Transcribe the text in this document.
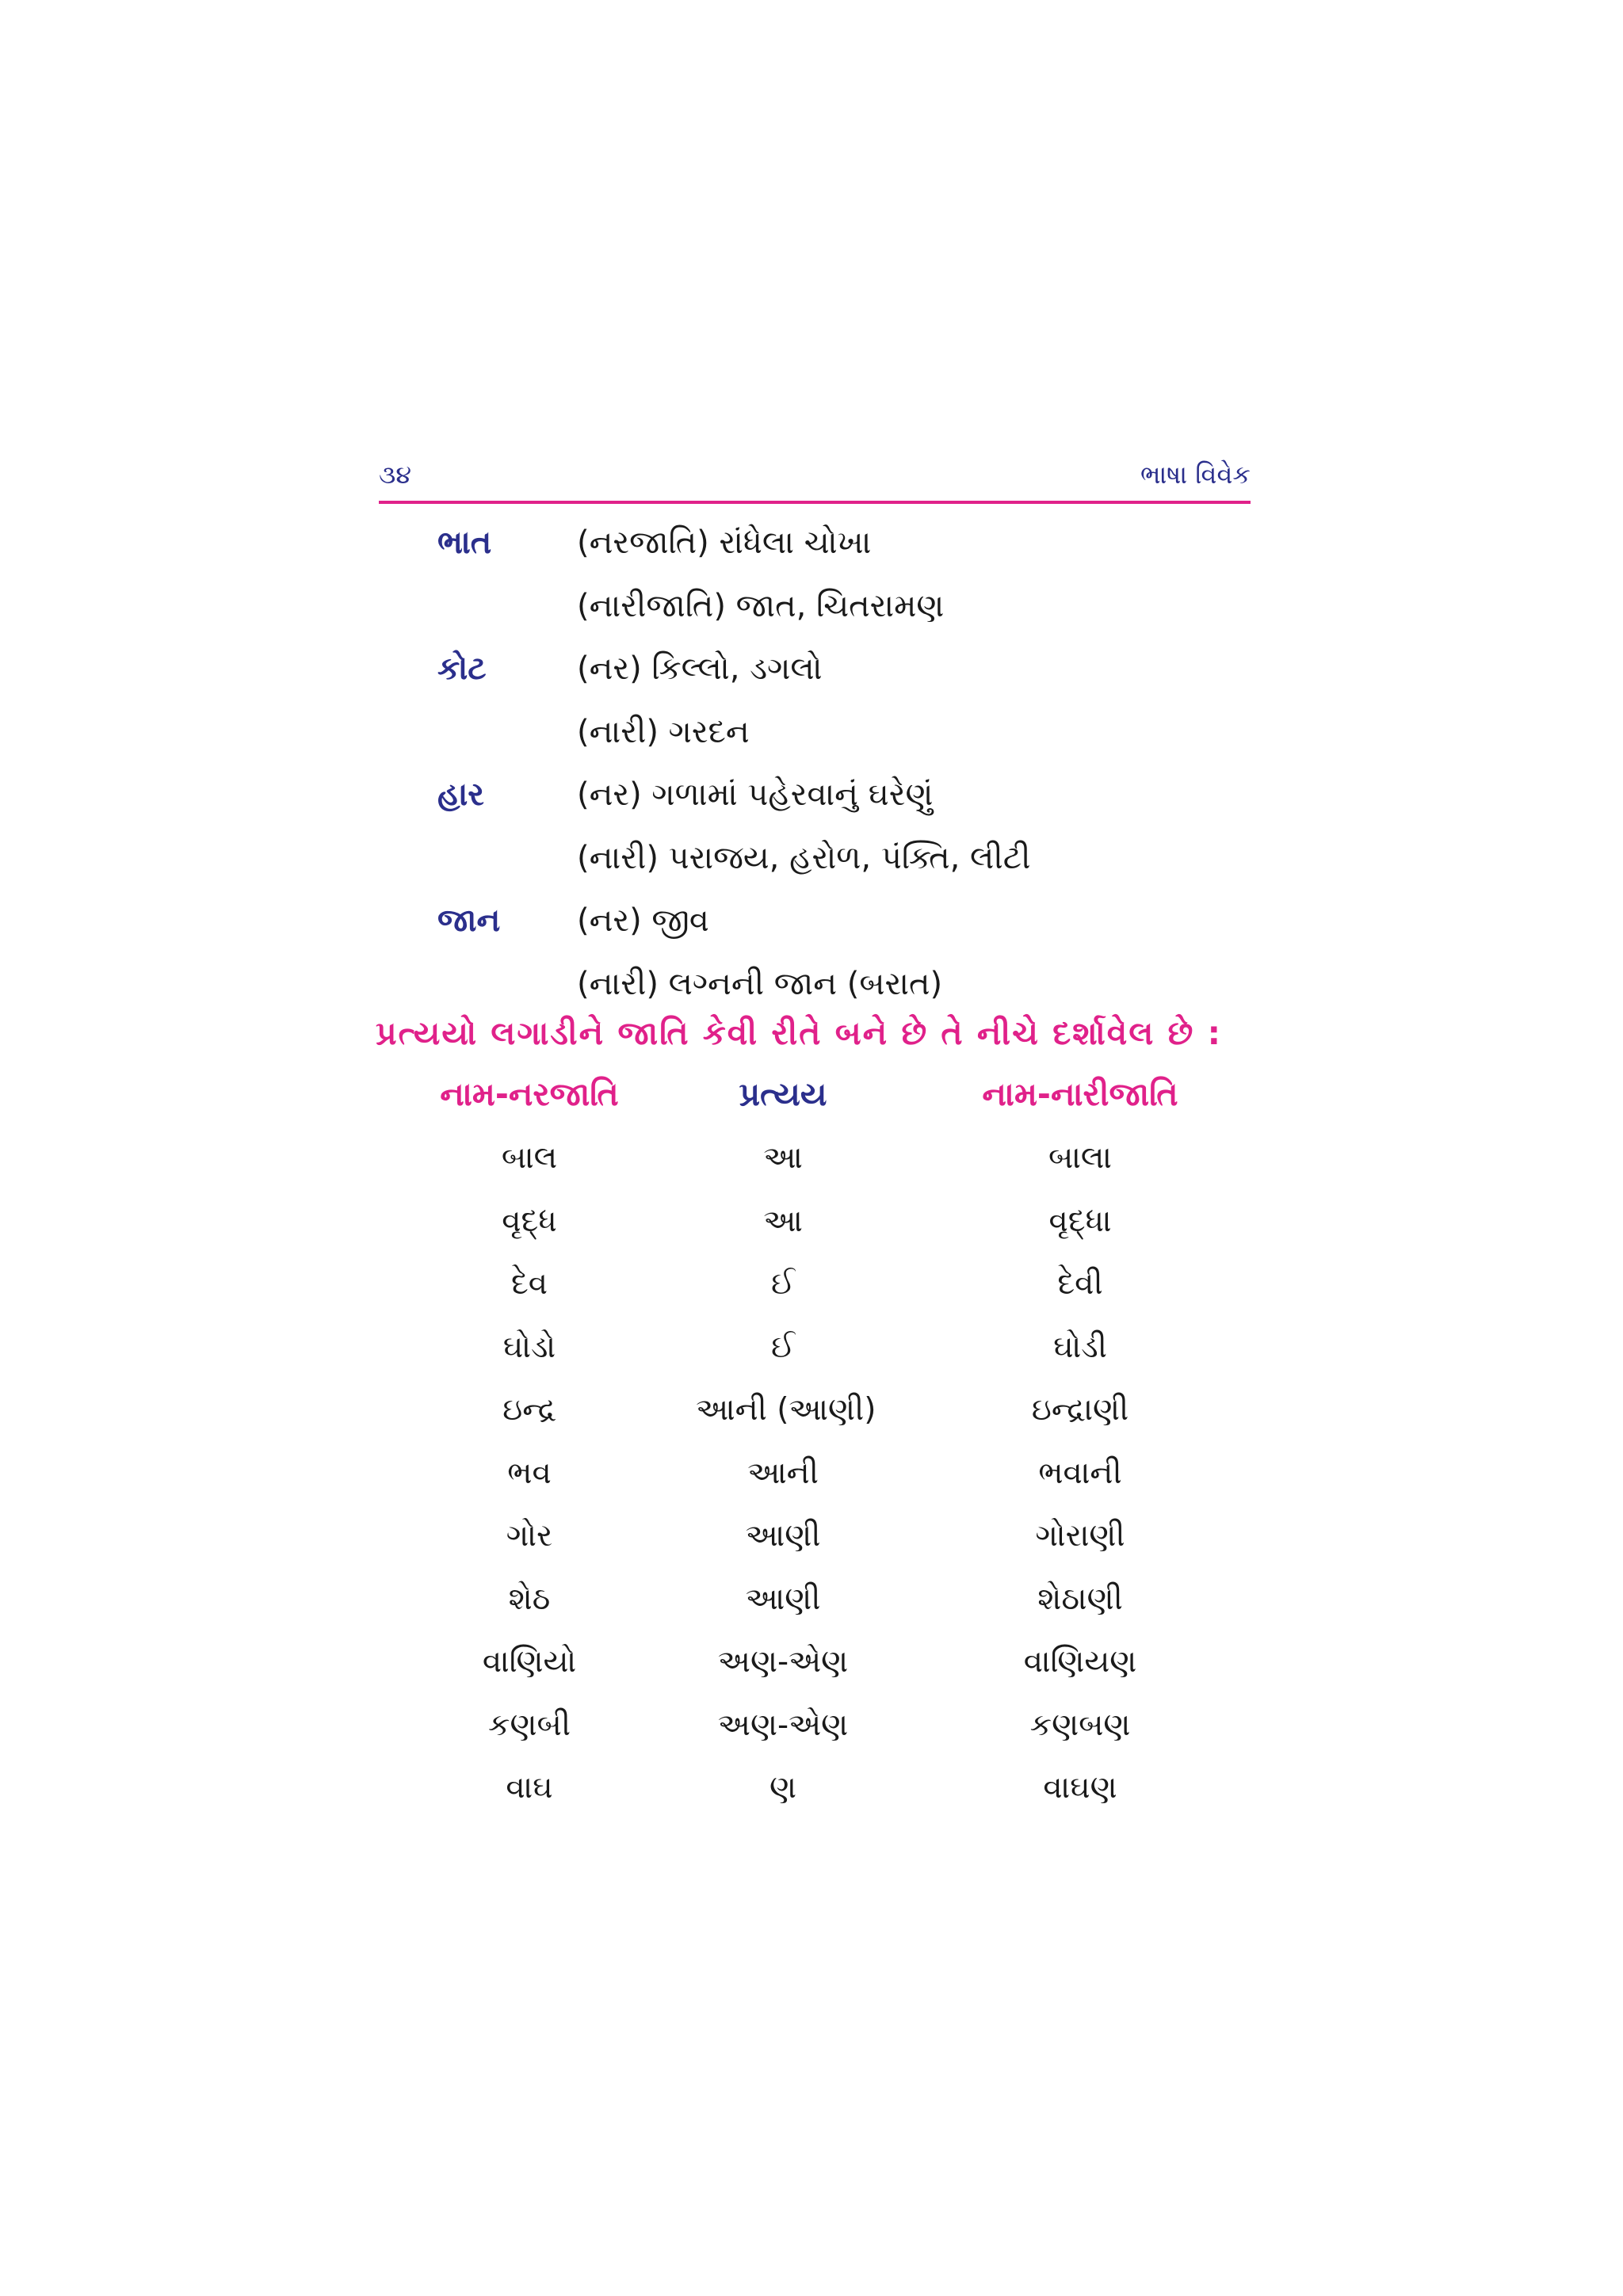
૩૪	ભાષા વિવેક
ભાત	(નરજાતિ) રાંધેલા ચોખા
(નારીજાતિ) જાત, ચિતરામણ
કોટ	(નર) કિલ્લો, ડગલો
(નારી) ગરદન
હાર	(નર) ગળામાં પહેરવાનું ઘરેણું
(નારી) પરાજય, હરોળ, પંક્તિ, લીટી
જાન (નર) જીવ
(નારી) લગ્નની જાન (બરાત)
પ્રત્યયો લગાડીને જાતિ કેવી રીતે બને છે તે નીચે દર્શાવેલ છે :
નામ-નરજાતિ	પ્રત્યય	નામ-નારીજાતિ
બાલ	આ	બાલા
વૃદ્ધ	આ	વૃદ્ધા
દેવ	ઈ	દેવી
ઘોડો	ઈ	ઘોડી
ઇન્દ્ર	આની (આણી)	ઇન્દ્રાણી
ભવ	આની	ભવાની
ગોર	આણી	ગોરાણી
શેઠ	આણી	શેઠાણી
વાણિયો	અણ-એણ	વાણિયણ
કણબી	અણ-એણ	કણબણ
વાઘ	ણ	વાઘણ
